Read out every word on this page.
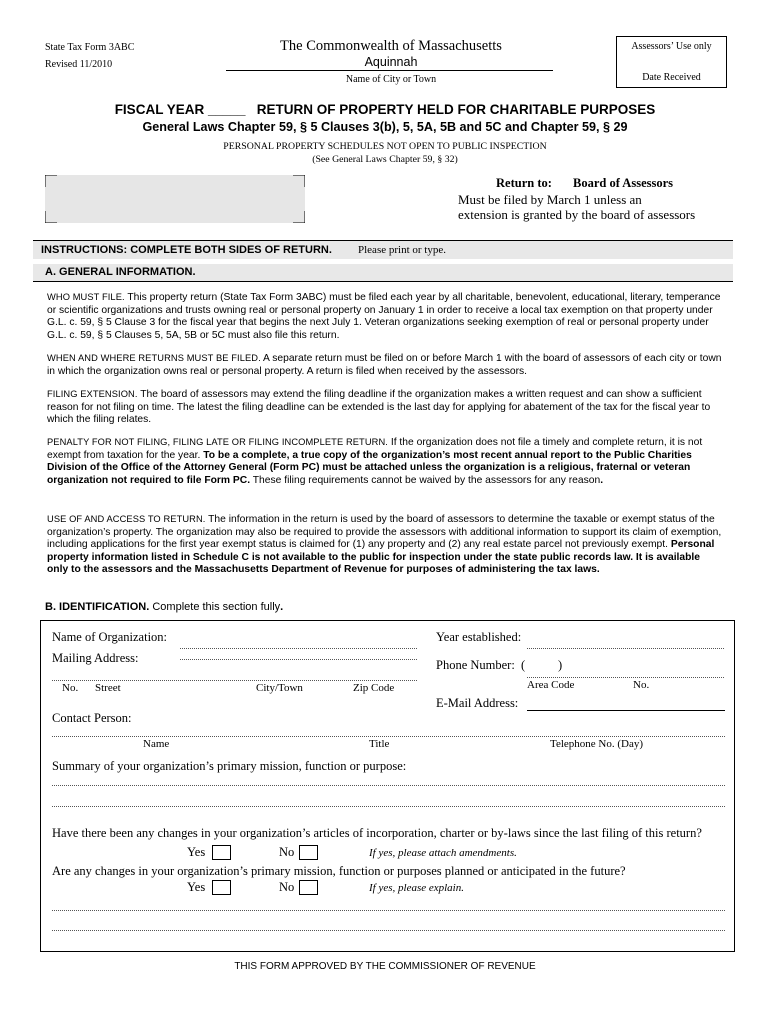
State Tax Form 3ABC
Revised 11/2010
The Commonwealth of Massachusetts
Aquinnah
Name of City or Town
Assessors’ Use only
Date Received
FISCAL YEAR _____ RETURN OF PROPERTY HELD FOR CHARITABLE PURPOSES
General Laws Chapter 59, § 5 Clauses 3(b), 5, 5A, 5B and 5C and Chapter 59, § 29
PERSONAL PROPERTY SCHEDULES NOT OPEN TO PUBLIC INSPECTION
(See General Laws Chapter 59, § 32)
Return to: Board of Assessors
Must be filed by March 1 unless an
extension is granted by the board of assessors
INSTRUCTIONS: COMPLETE BOTH SIDES OF RETURN. Please print or type.
A. GENERAL INFORMATION.
WHO MUST FILE. This property return (State Tax Form 3ABC) must be filed each year by all charitable, benevolent, educational, literary, temperance or scientific organizations and trusts owning real or personal property on January 1 in order to receive a local tax exemption on that property under G.L. c. 59, § 5 Clause 3 for the fiscal year that begins the next July 1. Veteran organizations seeking exemption of real or personal property under G.L. c. 59, § 5 Clauses 5, 5A, 5B or 5C must also file this return.
WHEN AND WHERE RETURNS MUST BE FILED. A separate return must be filed on or before March 1 with the board of assessors of each city or town in which the organization owns real or personal property. A return is filed when received by the assessors.
FILING EXTENSION. The board of assessors may extend the filing deadline if the organization makes a written request and can show a sufficient reason for not filing on time. The latest the filing deadline can be extended is the last day for applying for abatement of the tax for the fiscal year to which the filing relates.
PENALTY FOR NOT FILING, FILING LATE OR FILING INCOMPLETE RETURN. If the organization does not file a timely and complete return, it is not exempt from taxation for the year. To be a complete, a true copy of the organization’s most recent annual report to the Public Charities Division of the Office of the Attorney General (Form PC) must be attached unless the organization is a religious, fraternal or veteran organization not required to file Form PC. These filing requirements cannot be waived by the assessors for any reason.
USE OF AND ACCESS TO RETURN. The information in the return is used by the board of assessors to determine the taxable or exempt status of the organization’s property. The organization may also be required to provide the assessors with additional information to support its claim of exemption, including applications for the first year exempt status is claimed for (1) any property and (2) any real estate parcel not previously exempt. Personal property information listed in Schedule C is not available to the public for inspection under the state public records law. It is available only to the assessors and the Massachusetts Department of Revenue for purposes of administering the tax laws.
B. IDENTIFICATION. Complete this section fully.
Name of Organization:	Year established:
Mailing Address:	Phone Number: (	)
No. Street	City/Town	Zip Code	Area Code	No.
E-Mail Address:
Contact Person:
Name	Title	Telephone No. (Day)
Summary of your organization’s primary mission, function or purpose:
Have there been any changes in your organization’s articles of incorporation, charter or by-laws since the last filing of this return?
Yes	No	If yes, please attach amendments.
Are any changes in your organization’s primary mission, function or purposes planned or anticipated in the future?
Yes	No	If yes, please explain.
THIS FORM APPROVED BY THE COMMISSIONER OF REVENUE
